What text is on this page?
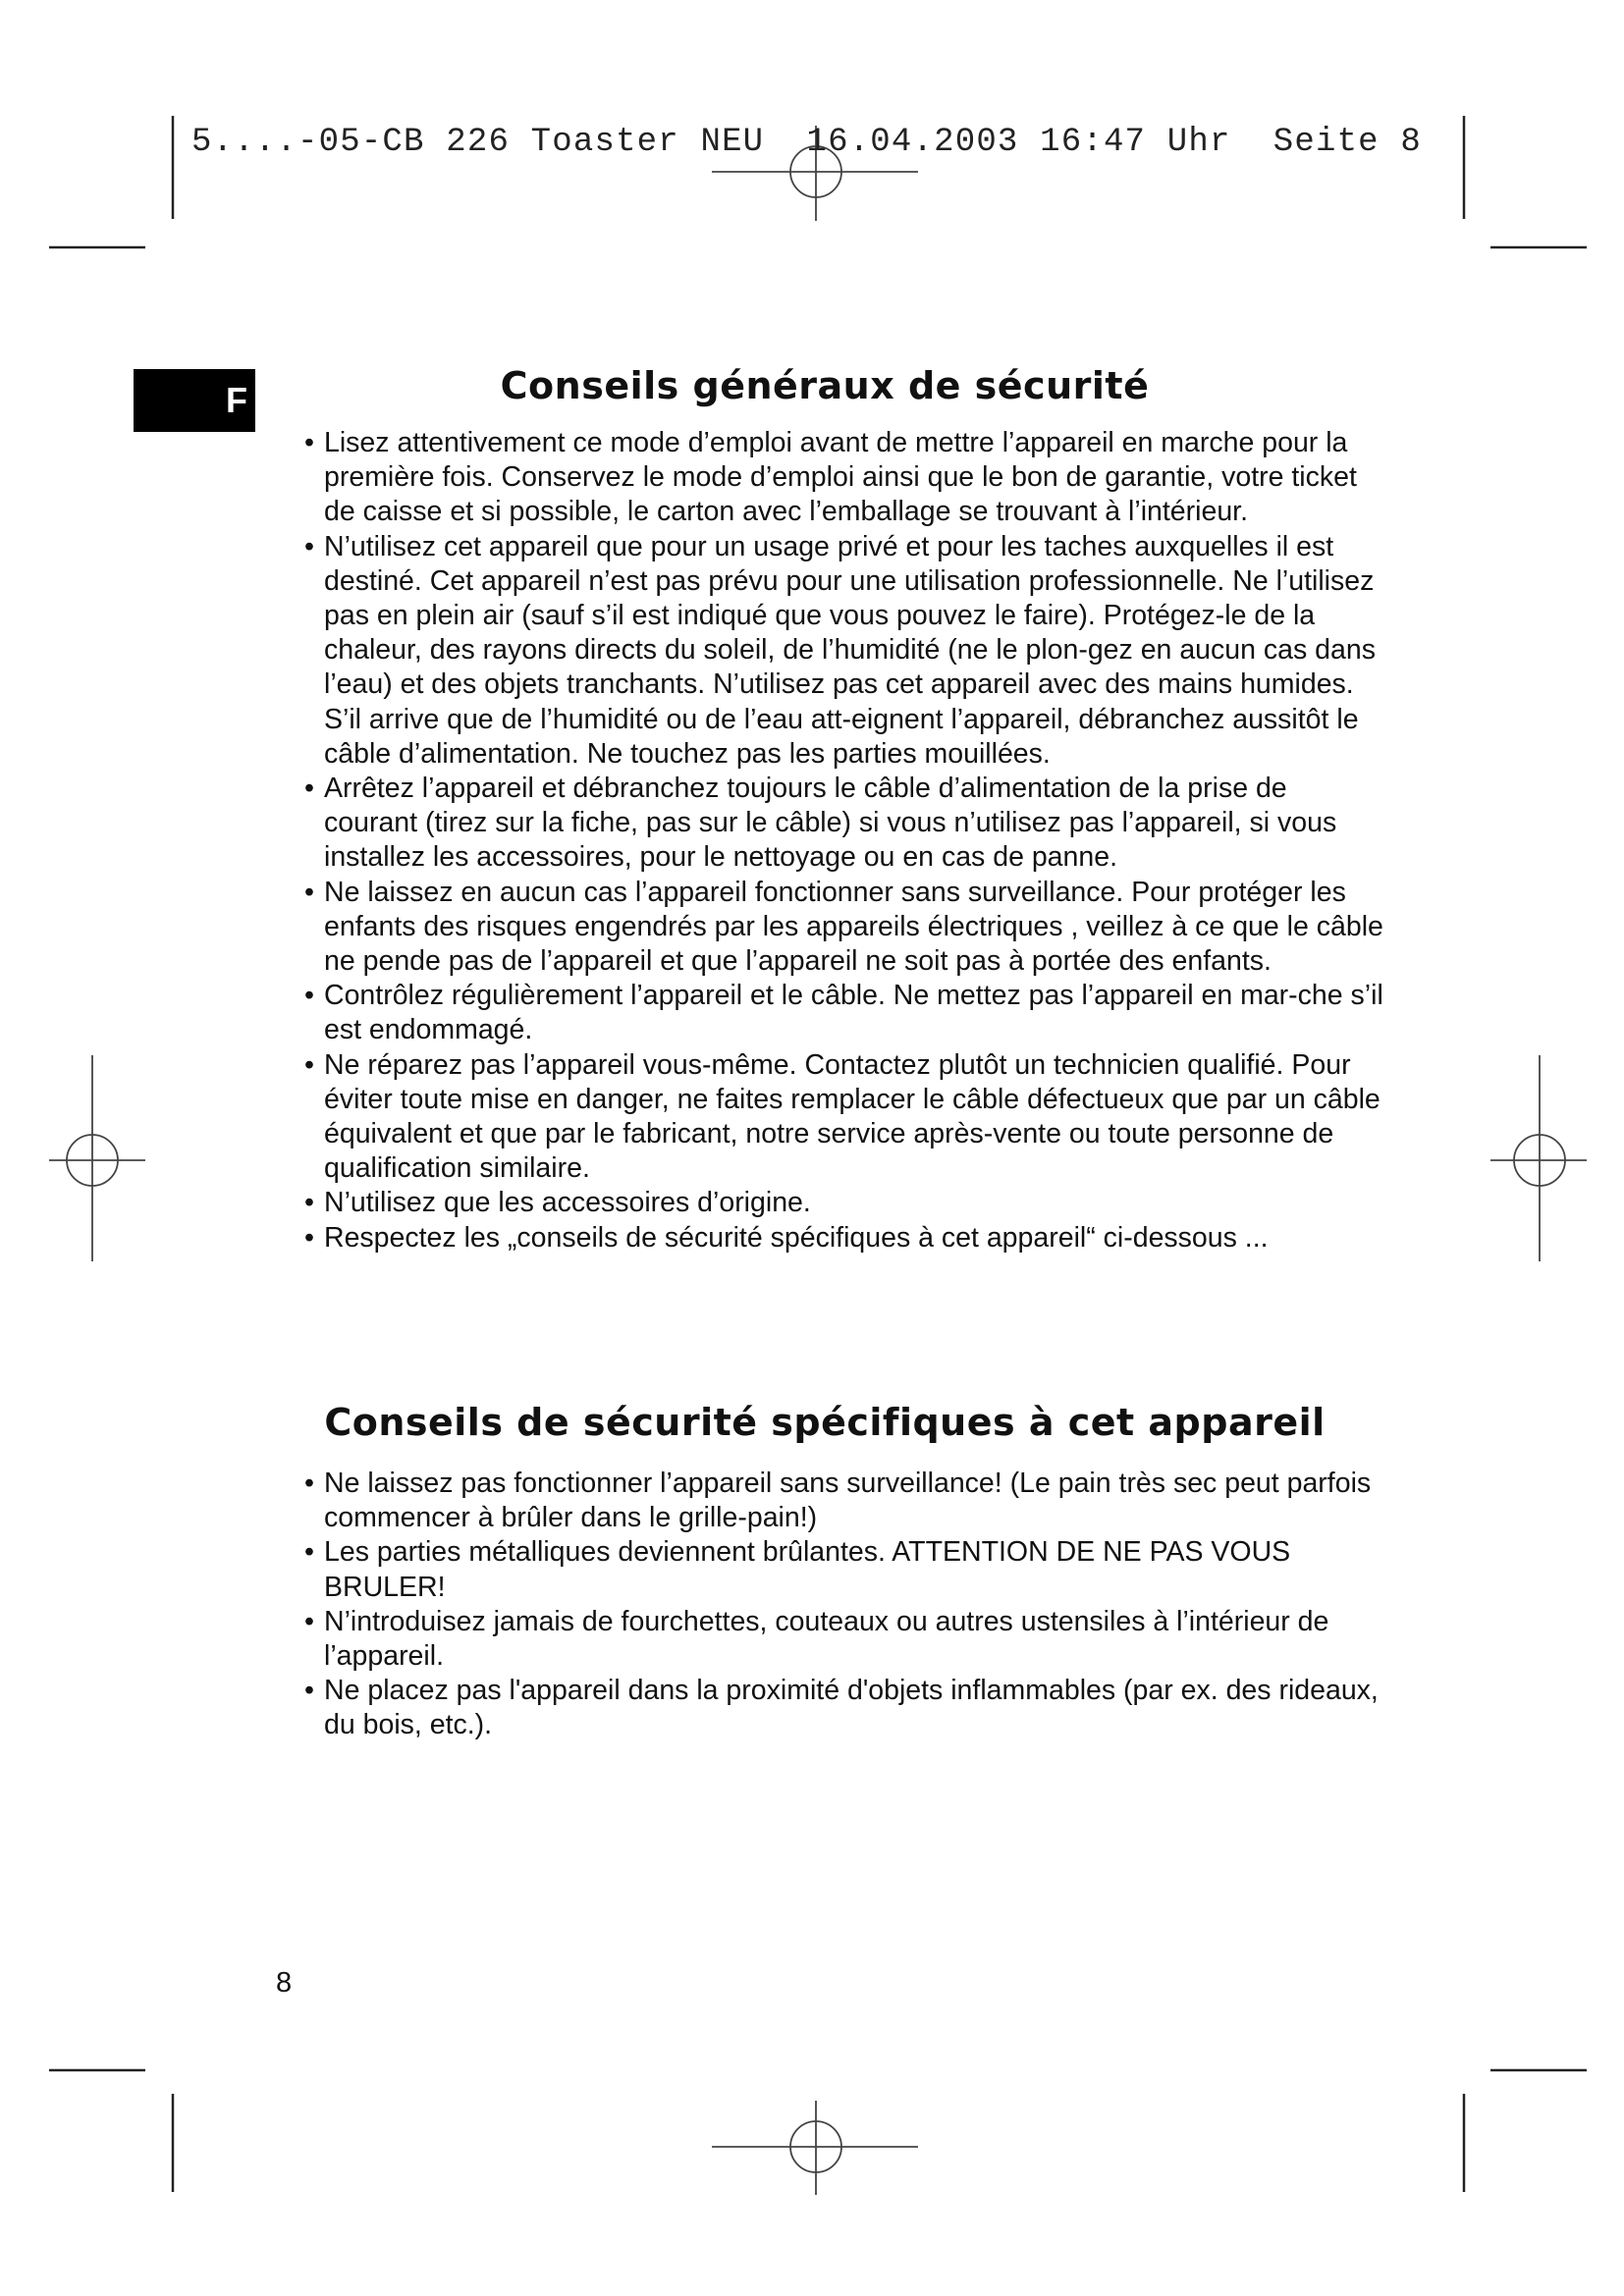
5....-05-CB 226 Toaster NEU  16.04.2003 16:47 Uhr  Seite 8
F	Conseils généraux de sécurité
• Lisez attentivement ce mode d’emploi avant de mettre l’appareil en marche pour la première fois. Conservez le mode d’emploi ainsi que le bon de garantie, votre ticket de caisse et si possible, le carton avec l’emballage se trouvant à l’intérieur.
• N’utilisez cet appareil que pour un usage privé et pour les taches auxquelles il est destiné. Cet appareil n’est pas prévu pour une utilisation professionnelle. Ne l’utilisez pas en plein air (sauf s’il est indiqué que vous pouvez le faire). Protégez-le de la chaleur, des rayons directs du soleil, de l’humidité (ne le plon-gez en aucun cas dans l’eau) et des objets tranchants. N’utilisez pas cet appareil avec des mains humides. S’il arrive que de l’humidité ou de l’eau att-eignent l’appareil, débranchez aussitôt le câble d’alimentation. Ne touchez pas les parties mouillées.
• Arrêtez l’appareil et débranchez toujours le câble d’alimentation de la prise de courant (tirez sur la fiche, pas sur le câble) si vous n’utilisez pas l’appareil, si vous installez les accessoires, pour le nettoyage ou en cas de panne.
• Ne laissez en aucun cas l’appareil fonctionner sans surveillance. Pour protéger les enfants des risques engendrés par les appareils électriques , veillez à ce que le câble ne pende pas de l’appareil et que l’appareil ne soit pas à portée des enfants.
• Contrôlez régulièrement l’appareil et le câble. Ne mettez pas l’appareil en mar-che s’il est endommagé.
• Ne réparez pas l’appareil vous-même. Contactez plutôt un technicien qualifié. Pour éviter toute mise en danger, ne faites remplacer le câble défectueux que par un câble équivalent et que par le fabricant, notre service après-vente ou toute personne de qualification similaire.
• N’utilisez que les accessoires d’origine.
• Respectez les „conseils de sécurité spécifiques à cet appareil“ ci-dessous ...
Conseils de sécurité spécifiques à cet appareil
• Ne laissez pas fonctionner l’appareil sans surveillance! (Le pain très sec peut parfois commencer à brûler dans le grille-pain!)
• Les parties métalliques deviennent brûlantes. ATTENTION DE NE PAS VOUS BRULER!
• N’introduisez jamais de fourchettes, couteaux ou autres ustensiles à l’intérieur de l’appareil.
• Ne placez pas l'appareil dans la proximité d'objets inflammables (par ex. des rideaux, du bois, etc.).
8
